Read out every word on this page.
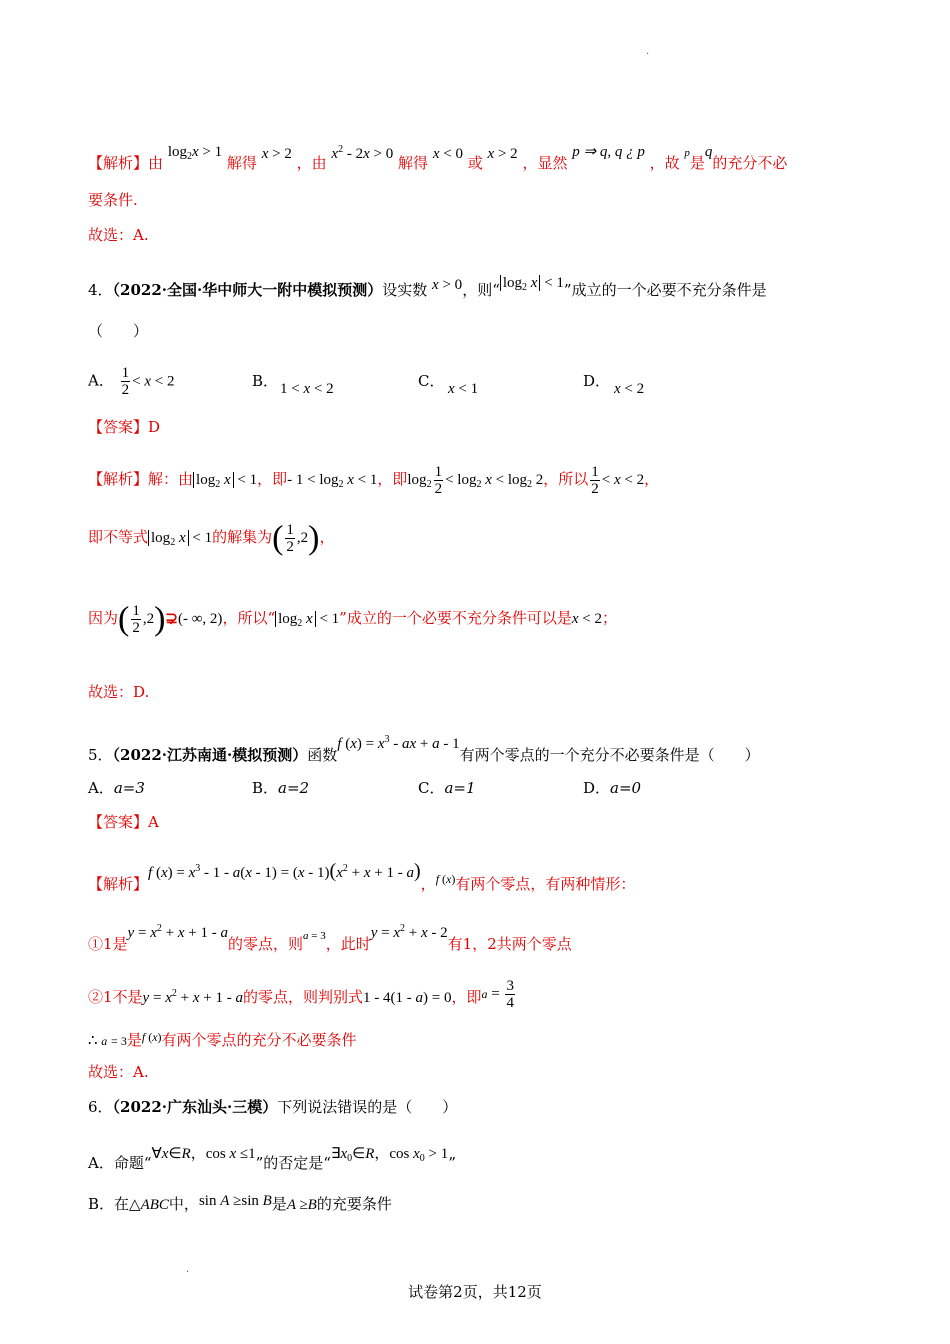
.
【解析】由 $\log_2x > 1$ 解得 x > 2 ，由 $x^2 - 2x > 0$ 解得 x < 0 或 x > 2 ，显然 p ⇒ q, q ¿ p ，故 $^p$是q的充分不必
要条件.
故选：A.
4．（2022·全国·华中师大一附中模拟预测）设实数 x > 0，则“ $\log_2 x < 1$”成立的一个必要不充分条件是
（　　）
A． $\frac{1}{2} < x < 2$	B． 1 < x < 2	C． x < 1	D． x < 2
【答案】D
【解析】解：由 $\log_2 x < 1$，即- $1 < \log_2 x < 1$，即$\log_2 \frac{1}{2} < \log_2 x < \log_2 2$，所以 $\frac{1}{2} < x < 2$，
即不等式 $\log_2 x < 1$的解集为( $\frac{1}{2} ,2$)，
因为( $\frac{1}{2}$ ,2)⊋(- ∞, 2)，所以“ $\log_2 x < 1$”成立的一个必要不充分条件可以是x < 2；
故选：D.
5．（2022·江苏南通·模拟预测）函数f $(x) = x^3$ - ax + a - 1有两个零点的一个充分不必要条件是（　　）
A．a=3	B．a=2	C．a=1	D．a=0
【答案】A
【解析】f $(x) = x^3 - 1 - a(x - 1) = (x - 1)(x^2 + x + 1 - a)$，$^{f (x)}$有两个零点，有两种情形：
①1是$y = x^2 + x + 1 - a$的零点，则$^{a = 3}$，此时$y = x^2 + x - 2$有1，2共两个零点
②1不是$y = x^2 + x + 1 - a$的零点，则判别式1 - 4(1 - a) = 0，即$a = \frac{3}{4}$
∴ a = 3是$^{f (x)}$有两个零点的充分不必要条件
故选：A.
6．（2022·广东汕头·三模）下列说法错误的是（　　）
A．命题“∀x∈R，cos x ≤1”的否定是“$\exists x_0\in R$，$\cos x_0 > 1$”
B．在△ABC中，sin A ≥sin B是A ≥B的充要条件
.
试卷第2页，共12页
